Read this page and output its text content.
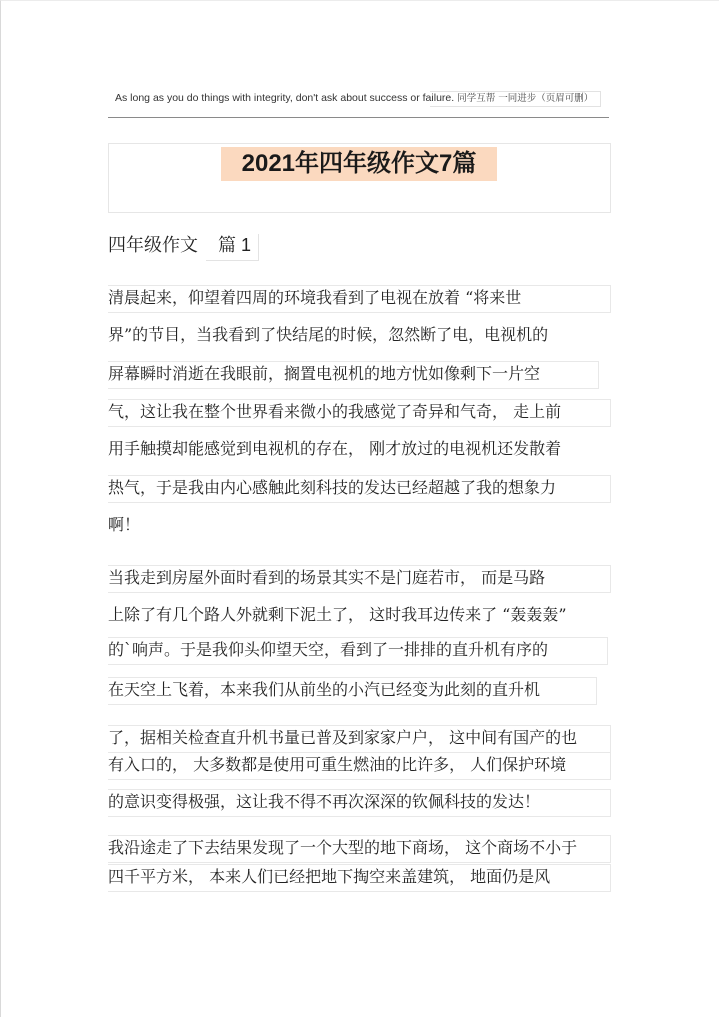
As long as you do things with integrity, don't ask about success or failure. 同学互帮 一同进步（页眉可删）
2021年四年级作文7篇
四年级作文 篇 1
清晨起来，仰望着四周的环境我看到了电视在放着 “将来世
界”的节目，当我看到了快结尾的时候，忽然断了电，电视机的
屏幕瞬时消逝在我眼前，搁置电视机的地方忧如像剩下一片空
气，这让我在整个世界看来微小的我感觉了奇异和气奇， 走上前
用手触摸却能感觉到电视机的存在， 刚才放过的电视机还发散着
热气，于是我由内心感触此刻科技的发达已经超越了我的想象力
啊！
当我走到房屋外面时看到的场景其实不是门庭若市， 而是马路
上除了有几个路人外就剩下泥土了， 这时我耳边传来了 “轰轰轰”
的`响声。于是我仰头仰望天空，看到了一排排的直升机有序的
在天空上飞着，本来我们从前坐的小汽已经变为此刻的直升机
了，据相关检查直升机书量已普及到家家户户， 这中间有国产的也
有入口的， 大多数都是使用可重生燃油的比许多， 人们保护环境
的意识变得极强，这让我不得不再次深深的钦佩科技的发达！
我沿途走了下去结果发现了一个大型的地下商场， 这个商场不小于
四千平方米， 本来人们已经把地下掏空来盖建筑， 地面仍是风
